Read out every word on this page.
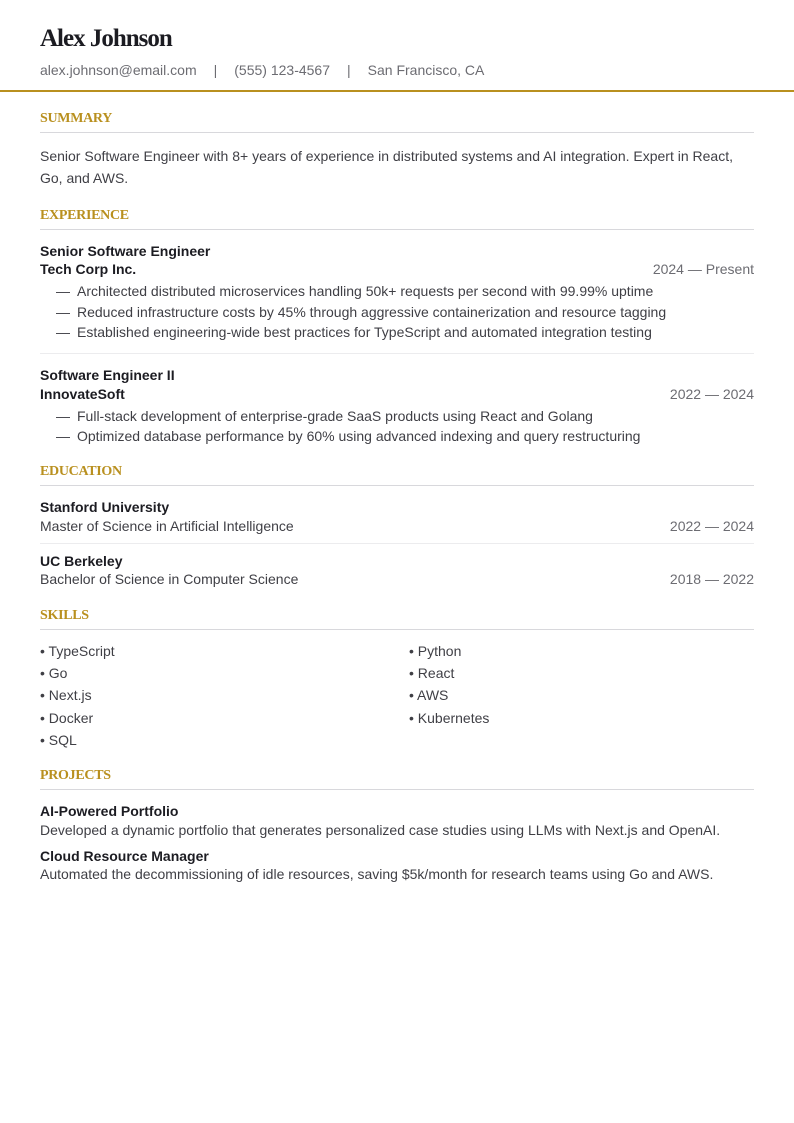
Alex Johnson
alex.johnson@email.com | (555) 123-4567 | San Francisco, CA
SUMMARY

Senior Software Engineer with 8+ years of experience in distributed systems and AI integration. Expert in React, Go, and AWS.

EXPERIENCE
Senior Software Engineer
Tech Corp Inc.	2024 — Present
— Architected distributed microservices handling 50k+ requests per second with 99.99% uptime
— Reduced infrastructure costs by 45% through aggressive containerization and resource tagging
— Established engineering-wide best practices for TypeScript and automated integration testing
Software Engineer II
InnovateSoft	2022 — 2024
— Full-stack development of enterprise-grade SaaS products using React and Golang
— Optimized database performance by 60% using advanced indexing and query restructuring
EDUCATION
Stanford University
Master of Science in Artificial Intelligence	2022 — 2024
UC Berkeley
Bachelor of Science in Computer Science	2018 — 2022
SKILLS
• TypeScript	• Python
• Go	• React
• Next.js	• AWS
• Docker	• Kubernetes
• SQL
PROJECTS
AI-Powered Portfolio
Developed a dynamic portfolio that generates personalized case studies using LLMs with Next.js and OpenAI.
Cloud Resource Manager
Automated the decommissioning of idle resources, saving $5k/month for research teams using Go and AWS.
